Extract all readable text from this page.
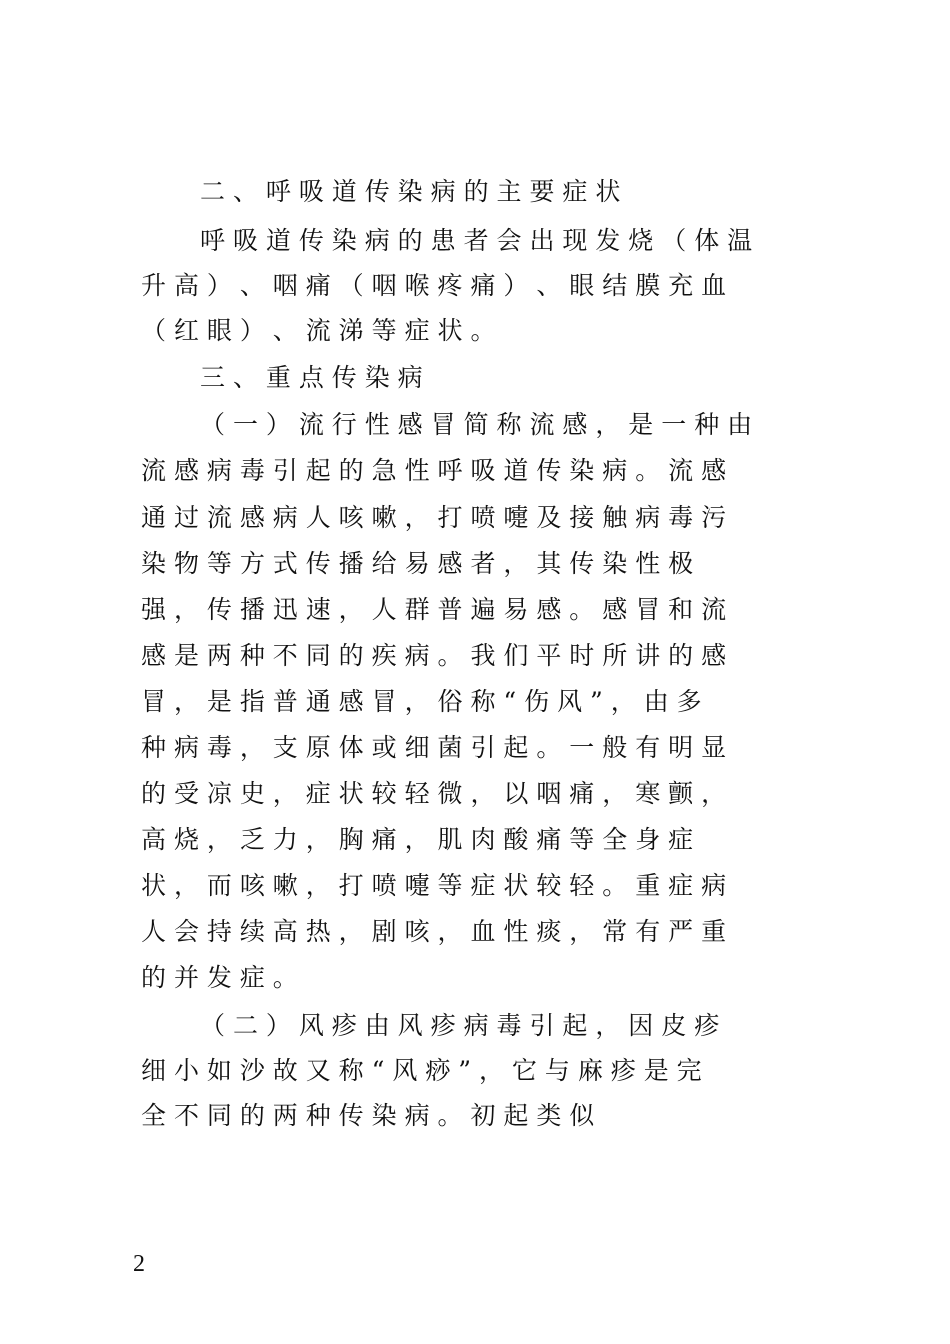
二 、 呼 吸 道 传 染 病 的 主 要 症 状
呼 吸 道 传 染 病 的 患 者 会 出 现 发 烧 （ 体 温
升 高 ） 、 咽 痛 （ 咽 喉 疼 痛 ） 、 眼 结 膜 充 血
（ 红 眼 ） 、 流 涕 等 症 状 。
三 、 重 点 传 染 病
（ 一 ） 流 行 性 感 冒 简 称 流 感 ， 是 一 种 由
流 感 病 毒 引 起 的 急 性 呼 吸 道 传 染 病 。 流 感
通 过 流 感 病 人 咳 嗽 ， 打 喷 嚏 及 接 触 病 毒 污
染 物 等 方 式 传 播 给 易 感 者 ， 其 传 染 性 极
强 ， 传 播 迅 速 ， 人 群 普 遍 易 感 。 感 冒 和 流
感 是 两 种 不 同 的 疾 病 。 我 们 平 时 所 讲 的 感
冒 ， 是 指 普 通 感 冒 ， 俗 称 “ 伤 风 ” ， 由 多
种 病 毒 ， 支 原 体 或 细 菌 引 起 。 一 般 有 明 显
的 受 凉 史 ， 症 状 较 轻 微 ， 以 咽 痛 ， 寒 颤 ，
高 烧 ， 乏 力 ， 胸 痛 ， 肌 肉 酸 痛 等 全 身 症
状 ， 而 咳 嗽 ， 打 喷 嚏 等 症 状 较 轻 。 重 症 病
人 会 持 续 高 热 ， 剧 咳 ， 血 性 痰 ， 常 有 严 重
的 并 发 症 。
（ 二 ） 风 疹 由 风 疹 病 毒 引 起 ， 因 皮 疹
细 小 如 沙 故 又 称 “ 风 痧 ” ， 它 与 麻 疹 是 完
全 不 同 的 两 种 传 染 病 。 初 起 类 似
2
